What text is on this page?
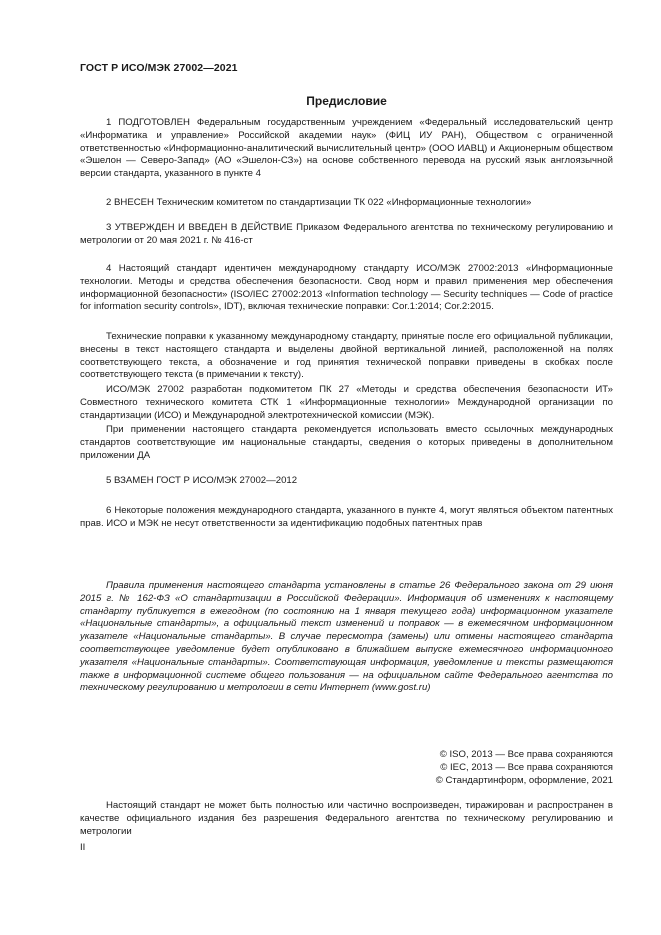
ГОСТ Р ИСО/МЭК 27002—2021
Предисловие

1 ПОДГОТОВЛЕН Федеральным государственным учреждением «Федеральный исследовательский центр «Информатика и управление» Российской академии наук» (ФИЦ ИУ РАН), Обществом с ограниченной ответственностью «Информационно-аналитический вычислительный центр» (ООО ИАВЦ) и Акционерным обществом «Эшелон — Северо-Запад» (АО «Эшелон-СЗ») на основе собственного перевода на русский язык англоязычной версии стандарта, указанного в пункте 4

2 ВНЕСЕН Техническим комитетом по стандартизации ТК 022 «Информационные технологии»

3 УТВЕРЖДЕН И ВВЕДЕН В ДЕЙСТВИЕ Приказом Федерального агентства по техническому регулированию и метрологии от 20 мая 2021 г. № 416-ст

4 Настоящий стандарт идентичен международному стандарту ИСО/МЭК 27002:2013 «Информационные технологии. Методы и средства обеспечения безопасности. Свод норм и правил применения мер обеспечения информационной безопасности» (ISO/IEC 27002:2013 «Information technology — Security techniques — Code of practice for information security controls», IDT), включая технические поправки: Cor.1:2014; Cor.2:2015.

Технические поправки к указанному международному стандарту, принятые после его официальной публикации, внесены в текст настоящего стандарта и выделены двойной вертикальной линией, расположенной на полях соответствующего текста, а обозначение и год принятия технической поправки приведены в скобках после соответствующего текста (в примечании к тексту).

ИСО/МЭК 27002 разработан подкомитетом ПК 27 «Методы и средства обеспечения безопасности ИТ» Совместного технического комитета СТК 1 «Информационные технологии» Международной организации по стандартизации (ИСО) и Международной электротехнической комиссии (МЭК).

При применении настоящего стандарта рекомендуется использовать вместо ссылочных международных стандартов соответствующие им национальные стандарты, сведения о которых приведены в дополнительном приложении ДА

5 ВЗАМЕН ГОСТ Р ИСО/МЭК 27002—2012

6 Некоторые положения международного стандарта, указанного в пункте 4, могут являться объектом патентных прав. ИСО и МЭК не несут ответственности за идентификацию подобных патентных прав

Правила применения настоящего стандарта установлены в статье 26 Федерального закона от 29 июня 2015 г. № 162-ФЗ «О стандартизации в Российской Федерации». Информация об изменениях к настоящему стандарту публикуется в ежегодном (по состоянию на 1 января текущего года) информационном указателе «Национальные стандарты», а официальный текст изменений и поправок — в ежемесячном информационном указателе «Национальные стандарты». В случае пересмотра (замены) или отмены настоящего стандарта соответствующее уведомление будет опубликовано в ближайшем выпуске ежемесячного информационного указателя «Национальные стандарты». Соответствующая информация, уведомление и тексты размещаются также в информационной системе общего пользования — на официальном сайте Федерального агентства по техническому регулированию и метрологии в сети Интернет (www.gost.ru)

© ISO, 2013 — Все права сохраняются
© IEC, 2013 — Все права сохраняются
© Стандартинформ, оформление, 2021

Настоящий стандарт не может быть полностью или частично воспроизведен, тиражирован и распространен в качестве официального издания без разрешения Федерального агентства по техническому регулированию и метрологии

II
